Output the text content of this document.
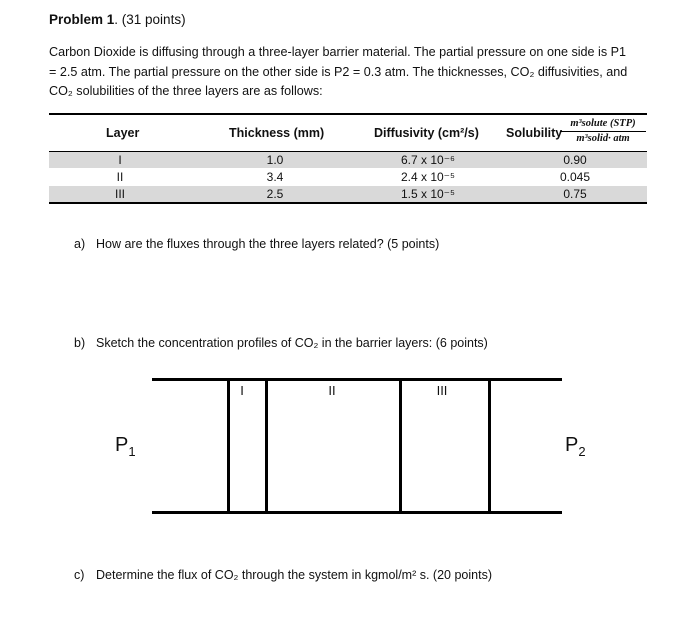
Problem 1. (31 points)
Carbon Dioxide is diffusing through a three-layer barrier material. The partial pressure on one side is P1
= 2.5 atm. The partial pressure on the other side is P2 = 0.3 atm. The thicknesses, CO₂ diffusivities, and
CO₂ solubilities of the three layers are as follows:
Layer	Thickness (mm)	Diffusivity (cm²/s) Solubility
m³solute (STP)
m³solid· atm
I	1.0	6.7 x 10⁻⁶	0.90
II	3.4	2.4 x 10⁻⁵	0.045
III	2.5	1.5 x 10⁻⁵	0.75
a) How are the fluxes through the three layers related? (5 points)
b) Sketch the concentration profiles of CO₂ in the barrier layers: (6 points)
c) Determine the flux of CO₂ through the system in kgmol/m² s. (20 points)
I	II	III
$P_1$	$P_2$
